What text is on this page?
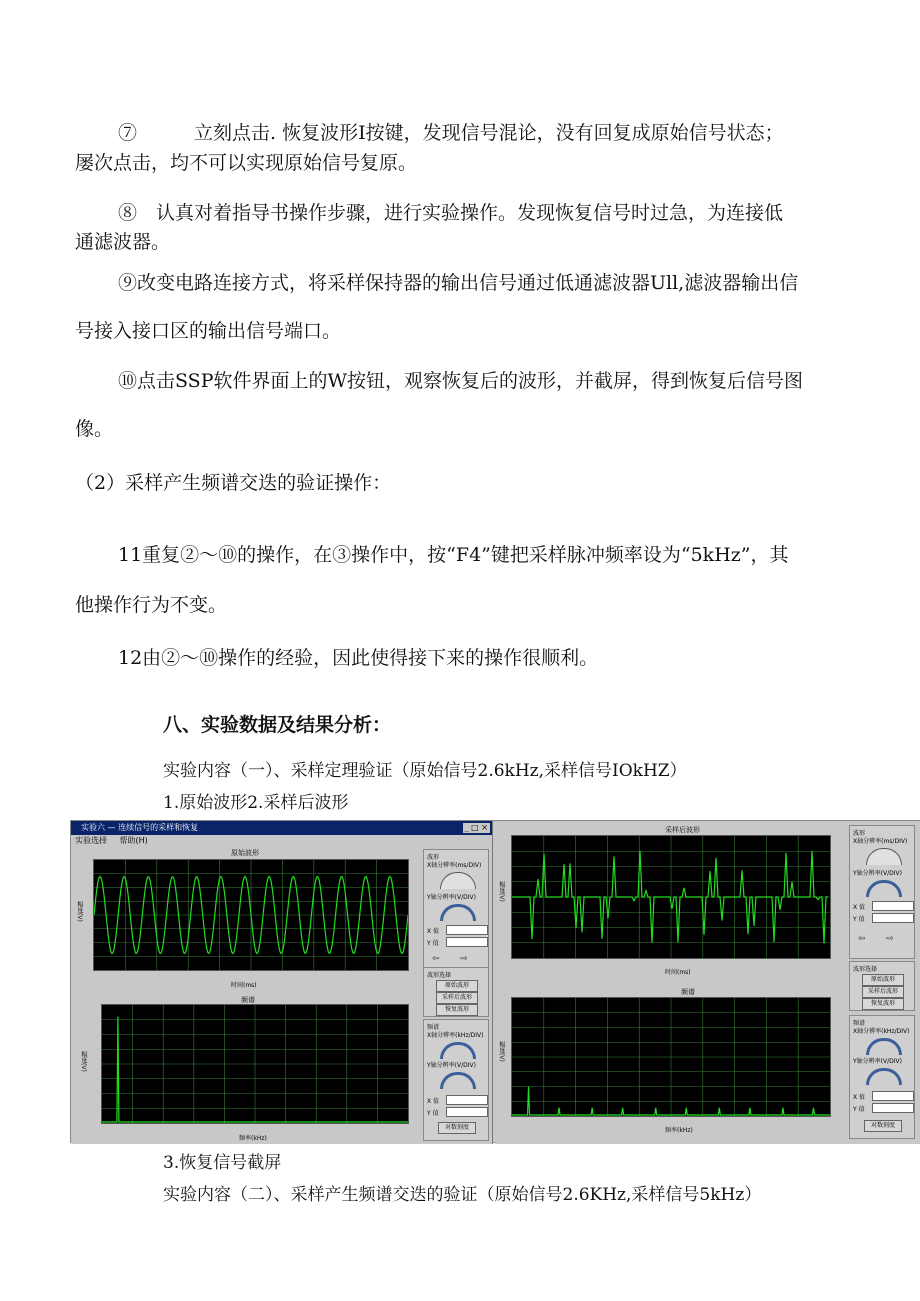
⑦　　　立刻点击. 恢复波形I按键，发现信号混论，没有回复成原始信号状态；
屡次点击，均不可以实现原始信号复原。
⑧　认真对着指导书操作步骤，进行实验操作。发现恢复信号时过急，为连接低
通滤波器。
⑨改变电路连接方式，将采样保持器的输出信号通过低通滤波器Ull,滤波器输出信
号接入接口区的输出信号端口。
⑩点击SSP软件界面上的W按钮，观察恢复后的波形，并截屏，得到恢复后信号图
像。
（2）采样产生频谱交迭的验证操作：
11重复②～⑩的操作，在③操作中，按“F4”键把采样脉冲频率设为“5kHz”，其
他操作行为不变。
12由②～⑩操作的经验，因此使得接下来的操作很顺利。
八、实验数据及结果分析：
实验内容（一）、采样定理验证（原始信号2.6kHz,采样信号IOkHZ）
1.原始波形2.采样后波形
实验六 — 连续信号的采样和恢复	_ □ ×
实验选择 帮助(H)
原始波形
幅度(V)
时间(ms)
频谱
幅度(V)
频率(kHz)
波形
X轴分辨率(ms/DIV)
Y轴分辨率(V/DIV)
X 值
Y 值
⇦ ⇨
波形选择
原始波形
采样后波形
恢复波形
频谱
X轴分辨率(kHz/DIV)
Y轴分辨率(V/DIV)
X 值
Y 值
对数刻度
采样后波形
幅度(V)
时间(ms)
频谱
幅度(V)
频率(kHz)
波形
X轴分辨率(ms/DIV)
Y轴分辨率(V/DIV)
X 值
Y 值
⇦ ⇨
波形选择
原始波形
采样后波形
恢复波形
频谱
X轴分辨率(kHz/DIV)
Y轴分辨率(V/DIV)
X 值
Y 值
对数刻度
3.恢复信号截屏
实验内容（二）、采样产生频谱交迭的验证（原始信号2.6KHz,采样信号5kHz）
